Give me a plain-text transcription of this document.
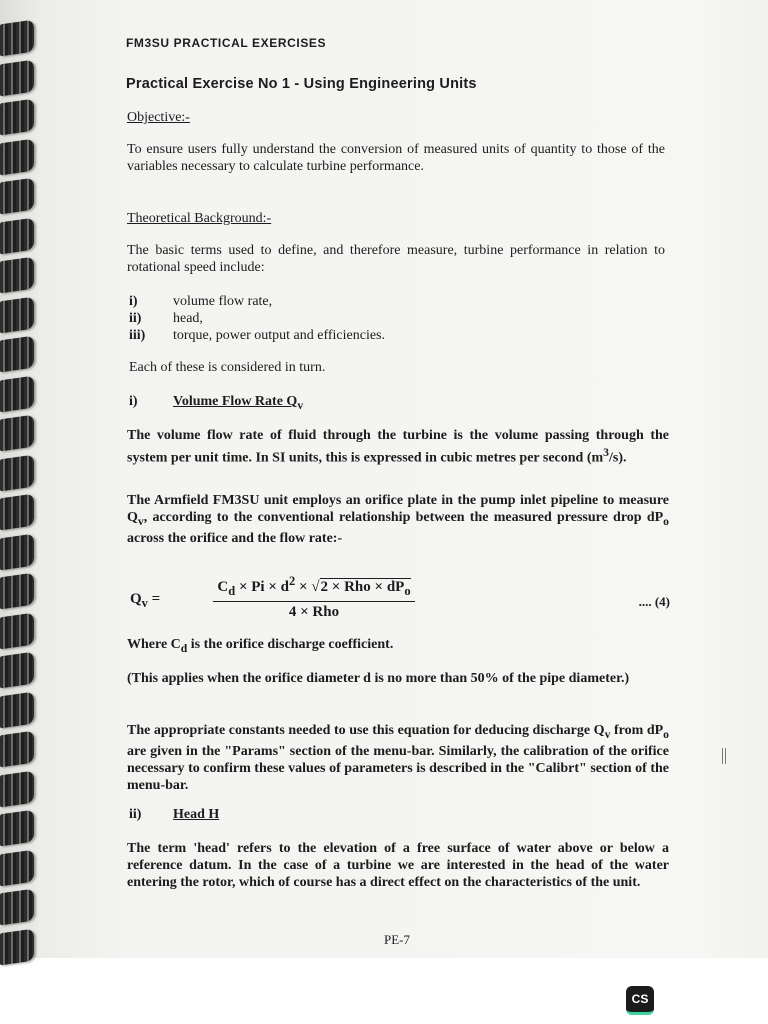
FM3SU PRACTICAL EXERCISES
Practical Exercise No 1 - Using Engineering Units
Objective:-
To ensure users fully understand the conversion of measured units of quantity to those of the variables necessary to calculate turbine performance.
Theoretical Background:-
The basic terms used to define, and therefore measure, turbine performance in relation to rotational speed include:
i)	volume flow rate,
ii)	head,
iii)	torque, power output and efficiencies.
Each of these is considered in turn.
i)	Volume Flow Rate $Q_v$
The volume flow rate of fluid through the turbine is the volume passing through the system per unit time. In SI units, this is expressed in cubic metres per second $(m^3/s)$.
The Armfield FM3SU unit employs an orifice plate in the pump inlet pipeline to measure $Q_v$, according to the conventional relationship between the measured pressure drop $dP_o$ across the orifice and the flow rate:-
$Q_v$ =
$C_d \times Pi \times d^2 \times √2$ × Rho × $dP_o$
4 × Rho
.... (4)
Where $C_d$ is the orifice discharge coefficient.
(This applies when the orifice diameter d is no more than 50% of the pipe diameter.)
The appropriate constants needed to use this equation for deducing discharge $Q_v$ from $dP_o$ are given in the "Params" section of the menu-bar. Similarly, the calibration of the orifice necessary to confirm these values of parameters is described in the "Calibrt" section of the menu-bar.
ii) Head H
The term 'head' refers to the elevation of a free surface of water above or below a reference datum. In the case of a turbine we are interested in the head of the water entering the rotor, which of course has a direct effect on the characteristics of the unit.
PE-7
CS
